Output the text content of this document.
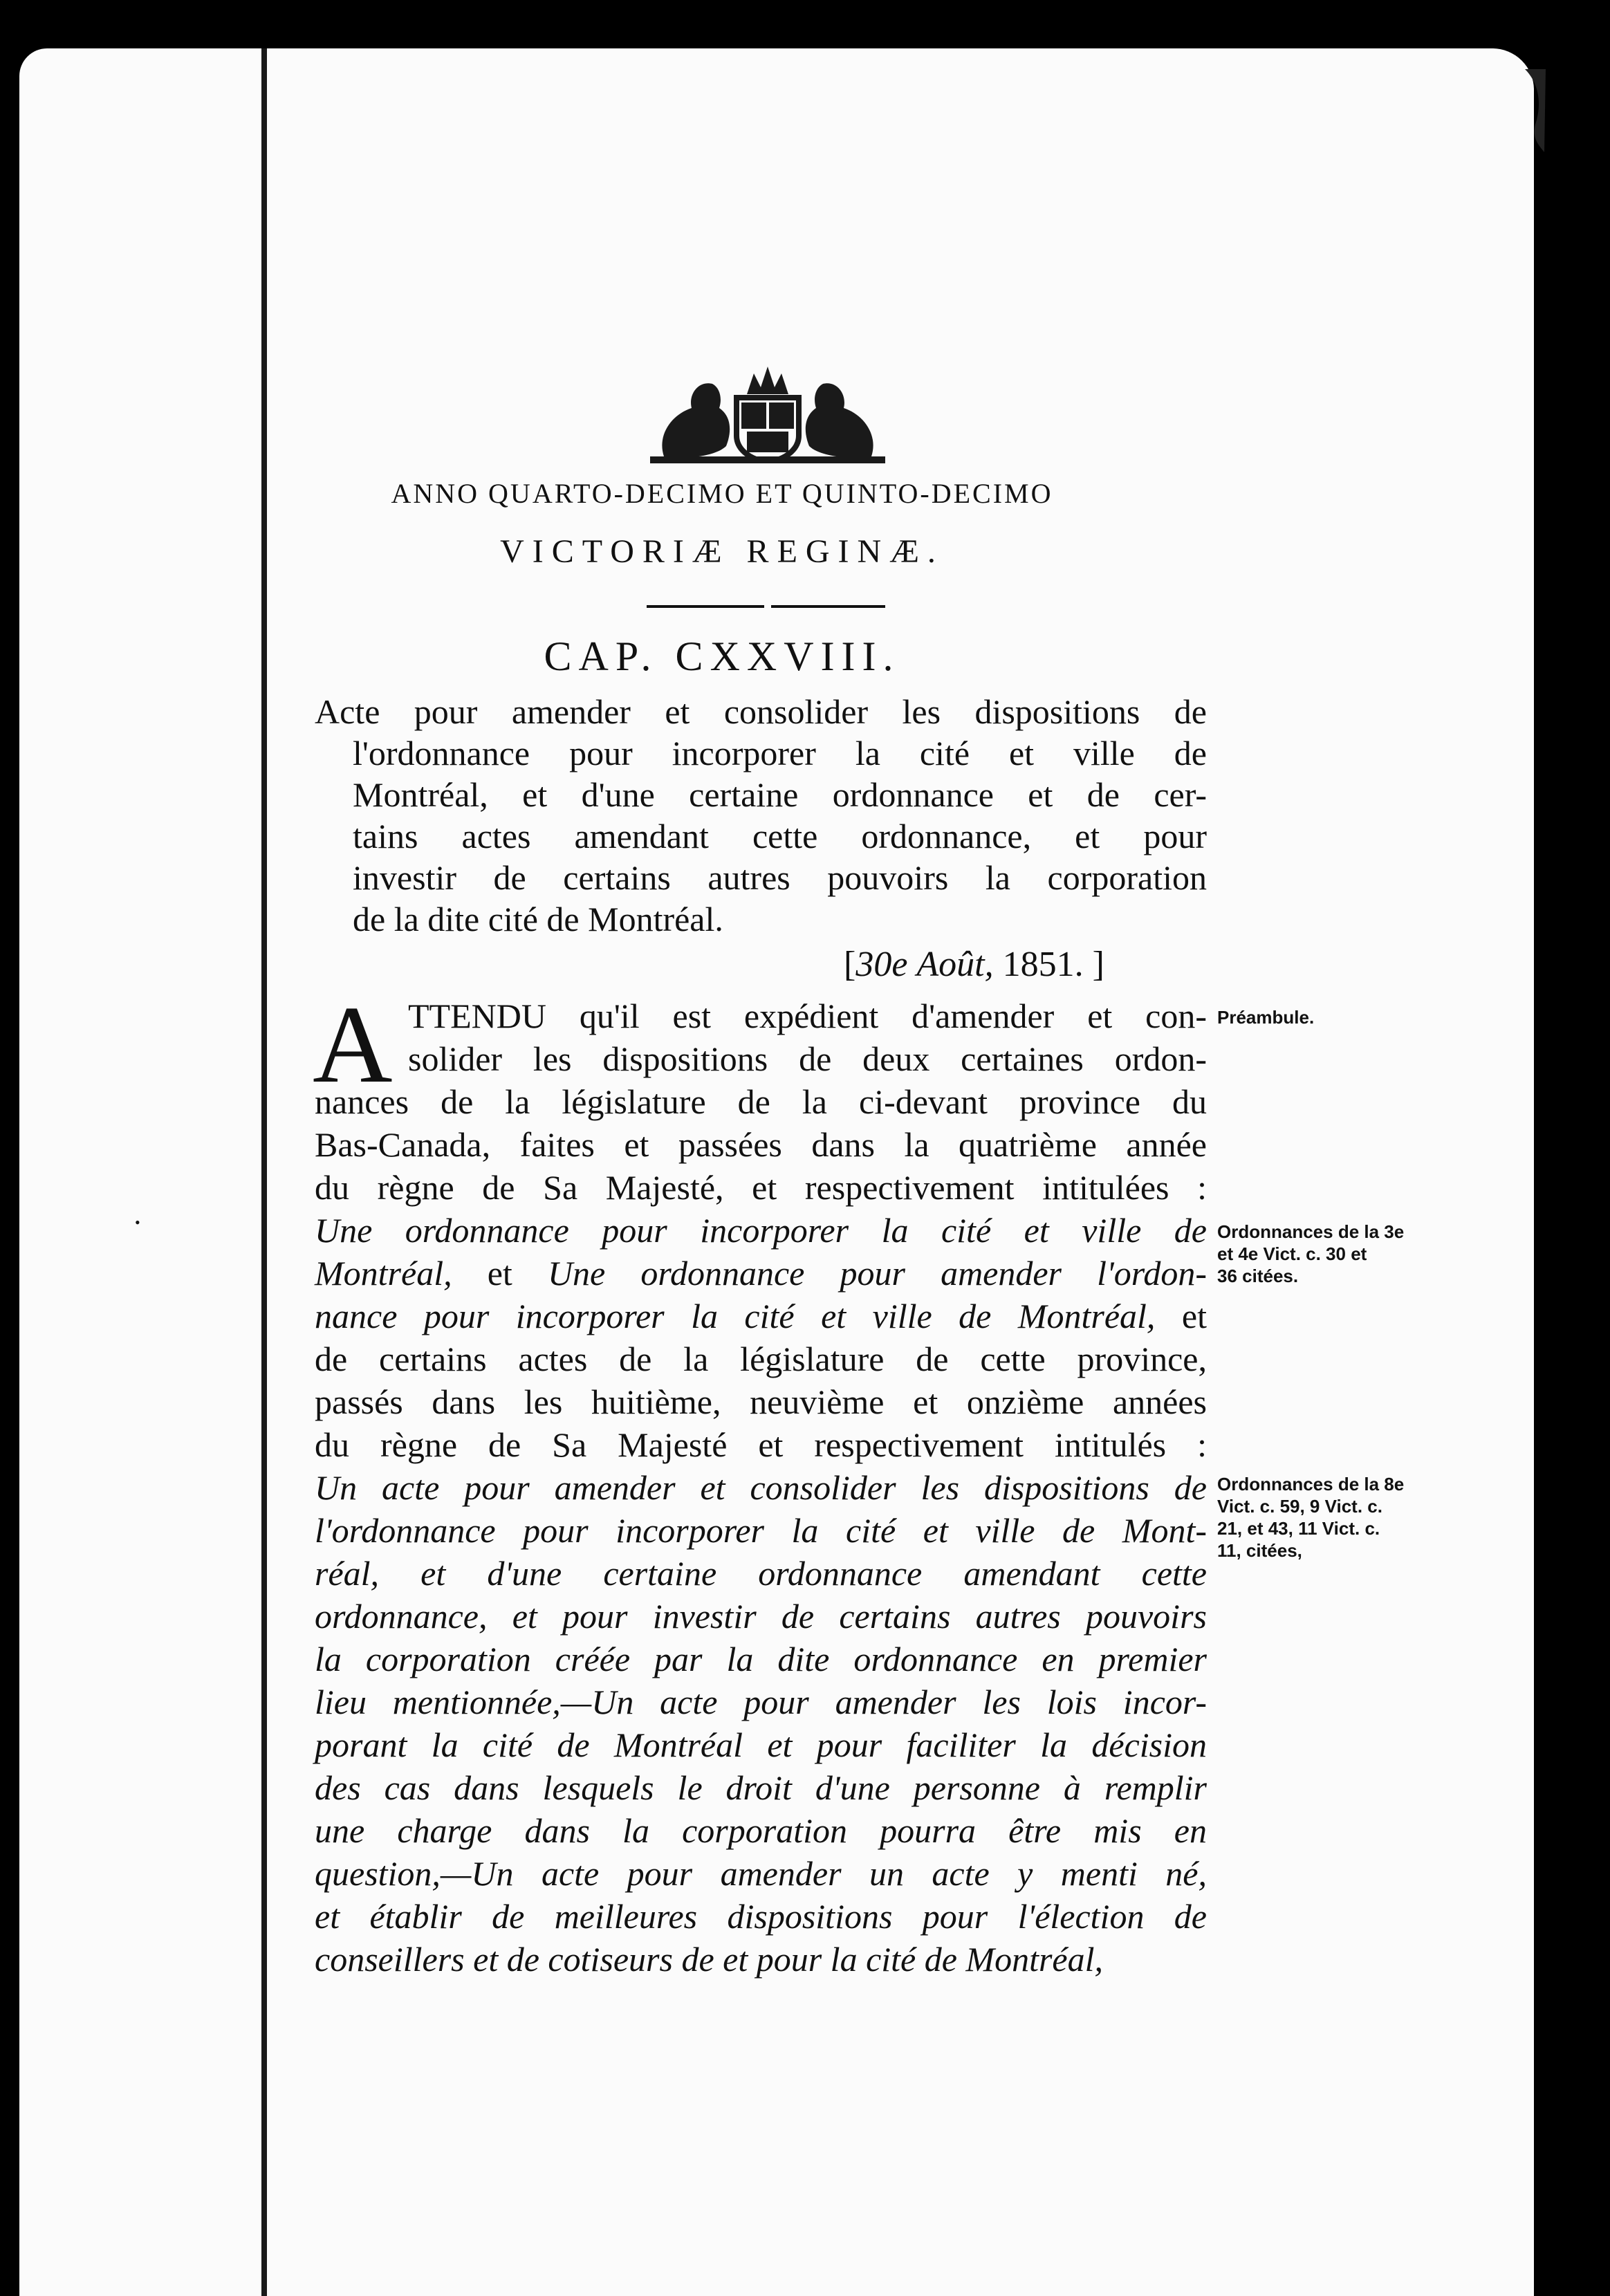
ANNO QUARTO-DECIMO ET QUINTO-DECIMO
VICTORIÆ REGINÆ.
CAP. CXXVIII.
Acte pour amender et consolider les dispositions de
l'ordonnance pour incorporer la cité et ville de
Montréal, et d'une certaine ordonnance et de cer-
tains actes amendant cette ordonnance, et pour
investir de certains autres pouvoirs la corporation
de la dite cité de Montréal.
[30e Août, 1851. ]
A TTENDU qu'il est expédient d'amender et con-
solider les dispositions de deux certaines ordon-
nances de la législature de la ci-devant province du
Bas-Canada, faites et passées dans la quatrième année
du règne de Sa Majesté, et respectivement intitulées :
Une ordonnance pour incorporer la cité et ville de
Montréal, et Une ordonnance pour amender l'ordon-
nance pour incorporer la cité et ville de Montréal, et
de certains actes de la législature de cette province,
passés dans les huitième, neuvième et onzième années
du règne de Sa Majesté et respectivement intitulés :
Un acte pour amender et consolider les dispositions de
l'ordonnance pour incorporer la cité et ville de Mont-
réal, et d'une certaine ordonnance amendant cette
ordonnance, et pour investir de certains autres pouvoirs
la corporation créée par la dite ordonnance en premier
lieu mentionnée,—Un acte pour amender les lois incor-
porant la cité de Montréal et pour faciliter la décision
des cas dans lesquels le droit d'une personne à remplir
une charge dans la corporation pourra être mis en
question,—Un acte pour amender un acte y menti né,
et établir de meilleures dispositions pour l'élection de
conseillers et de cotiseurs de et pour la cité de Montréal,
Préambule.
Ordonnances de la 3e
et 4e Vict. c. 30 et
36 citées.
Ordonnances de la 8e
Vict. c. 59, 9 Vict. c.
21, et 43, 11 Vict. c.
11, citées,
•
